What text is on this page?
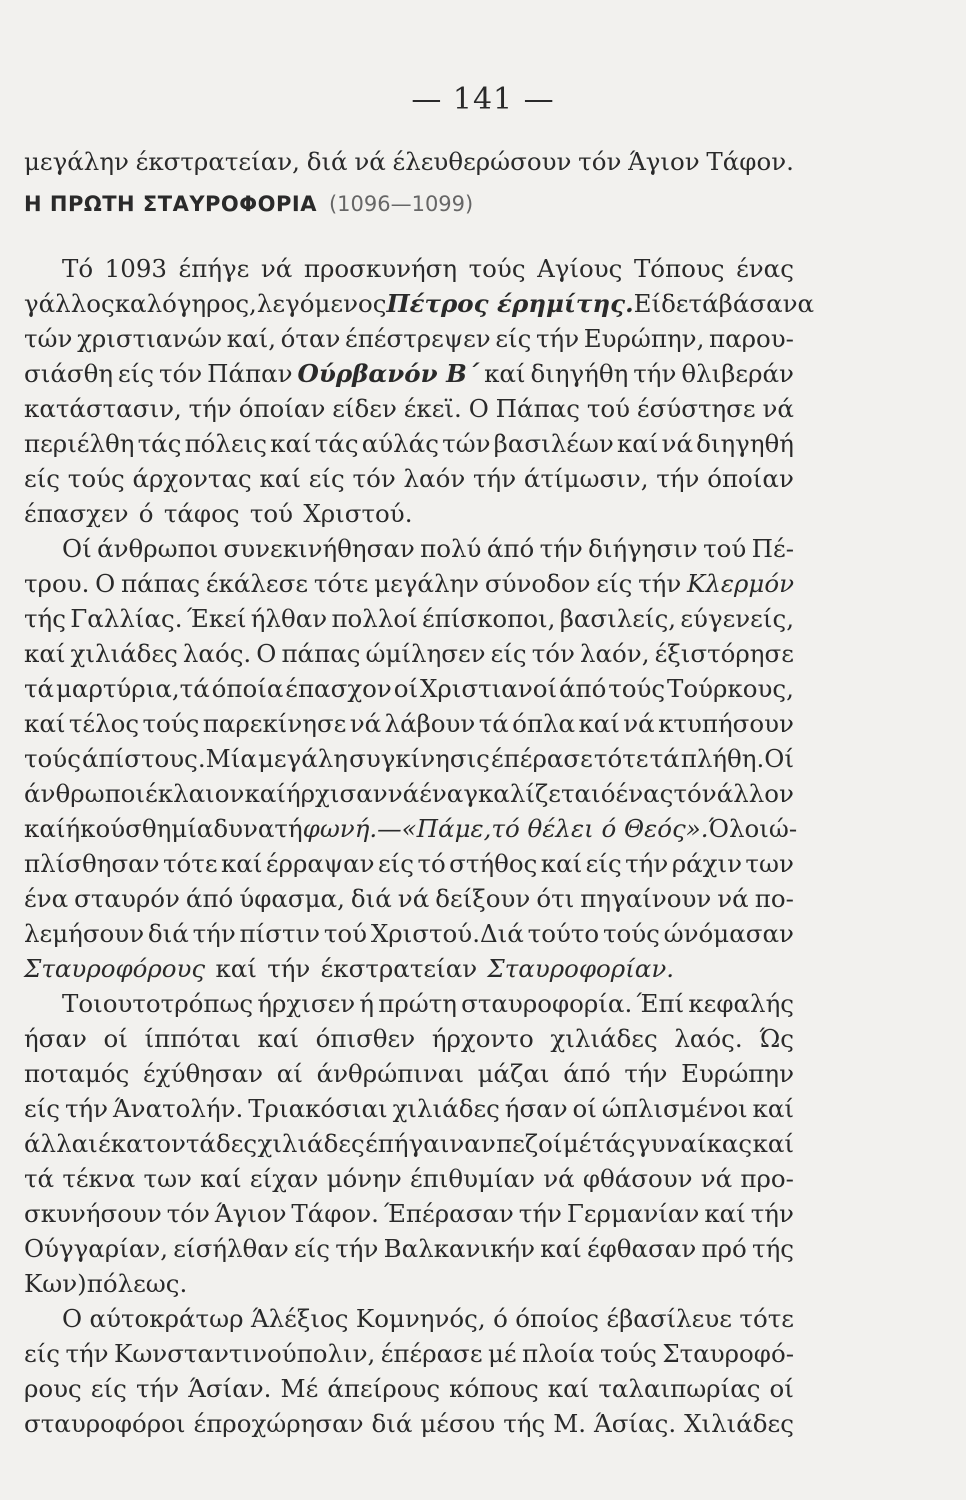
— 141 —
Η ΠΡΩΤΗ ΣΤΑΥΡΟΦΟΡΙΑ (1096—1099)
μεγάλην έκστρατείαν, διά νά έλευθερώσουν τόν Άγιον Τάφον.
Τό 1093 έπήγε νά προσκυνήση τούς Αγίους Τόπους ένας
γάλλος καλόγηρος, λεγόμενος Πέτρος έρημίτης. Είδε τά βάσανα
τών χριστιανών καί, όταν έπέστρεψεν είς τήν Ευρώπην, παρου-
σιάσθη είς τόν Πάπαν Ούρβανόν Β΄ καί διηγήθη τήν θλιβεράν
κατάστασιν, τήν όποίαν είδεν έκεϊ. Ο Πάπας τού έσύστησε νά
περιέλθη τάς πόλεις καί τάς αύλάς τών βασιλέων καί νά διηγηθή
είς τούς άρχοντας καί είς τόν λαόν τήν άτίμωσιν, τήν όποίαν
έπασχεν ό τάφος τού Χριστού.
Οί άνθρωποι συνεκινήθησαν πολύ άπό τήν διήγησιν τού Πέ-
τρου. Ο πάπας έκάλεσε τότε μεγάλην σύνοδον είς τήν Κλερμόν
τής Γαλλίας. Έκεί ήλθαν πολλοί έπίσκοποι, βασιλείς, εύγενείς,
καί χιλιάδες λαός. Ο πάπας ώμίλησεν είς τόν λαόν, έξιστόρησε
τά μαρτύρια,τά όποία έπασχον οί Χριστιανοί άπό τούς Τούρκους,
καί τέλος τούς παρεκίνησε νά λάβουν τά όπλα καί νά κτυπήσουν
τούς άπίστους.Μία μεγάλη συγκίνησις έπέρασε τότε τά πλήθη.Οί
άνθρωποι έκλαιον καί ήρχισαν νά έναγκαλίζεται ό ένας τόν άλλον
καί ήκούσθη μία δυνατή φωνή.—«Πάμε,τό θέλει ό Θεός». Όλοι ώ-
πλίσθησαν τότε καί έρραψαν είς τό στήθος καί είς τήν ράχιν των
ένα σταυρόν άπό ύφασμα, διά νά δείξουν ότι πηγαίνουν νά πο-
λεμήσουν διά τήν πίστιν τού Χριστού.Διά τούτο τούς ώνόμασαν
Σταυροφόρους καί τήν έκστρατείαν Σταυροφορίαν.
Τοιουτοτρόπως ήρχισεν ή πρώτη σταυροφορία. Έπί κεφαλής
ήσαν οί ίππόται καί όπισθεν ήρχοντο χιλιάδες λαός. Ώς
ποταμός έχύθησαν αί άνθρώπιναι μάζαι άπό τήν Ευρώπην
είς τήν Άνατολήν. Τριακόσιαι χιλιάδες ήσαν οί ώπλισμένοι καί
άλλαι έκατοντάδες χιλιάδες έπήγαιναν πεζοί μέ τάς γυναίκας καί
τά τέκνα των καί είχαν μόνην έπιθυμίαν νά φθάσουν νά προ-
σκυνήσουν τόν Άγιον Τάφον. Έπέρασαν τήν Γερμανίαν καί τήν
Ούγγαρίαν, είσήλθαν είς τήν Βαλκανικήν καί έφθασαν πρό τής
Κων)πόλεως.
Ο αύτοκράτωρ Άλέξιος Κομνηνός, ό όποίος έβασίλευε τότε
είς τήν Κωνσταντινούπολιν, έπέρασε μέ πλοία τούς Σταυροφό-
ρους είς τήν Άσίαν. Μέ άπείρους κόπους καί ταλαιπωρίας οί
σταυροφόροι έπροχώρησαν διά μέσου τής Μ. Άσίας. Χιλιάδες
